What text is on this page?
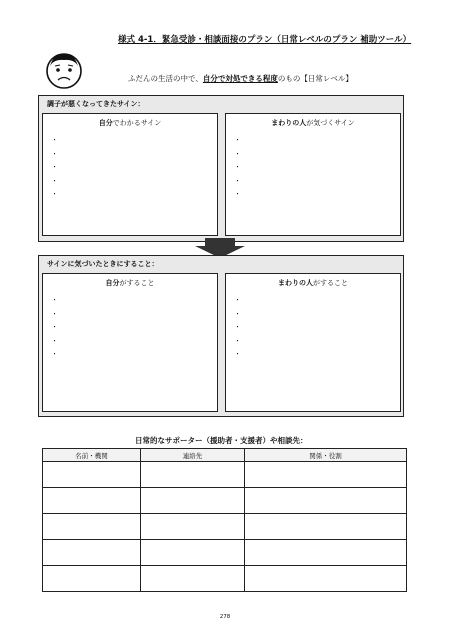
様式 4-1．緊急受診・相談面接のプラン（日常レベルのプラン 補助ツール）
ふだんの生活の中で、自分で対処できる程度のもの【日常レベル】
調子が悪くなってきたサイン：
自分でわかるサイン
・
・
・
・
・
まわりの人が気づくサイン
・
・
・
・
・
サインに気づいたときにすること：
自分がすること
・
・
・
・
・
まわりの人がすること
・
・
・
・
・
日常的なサポーター（援助者・支援者）や相談先：
名前・機関	連絡先	関係・役割

278
